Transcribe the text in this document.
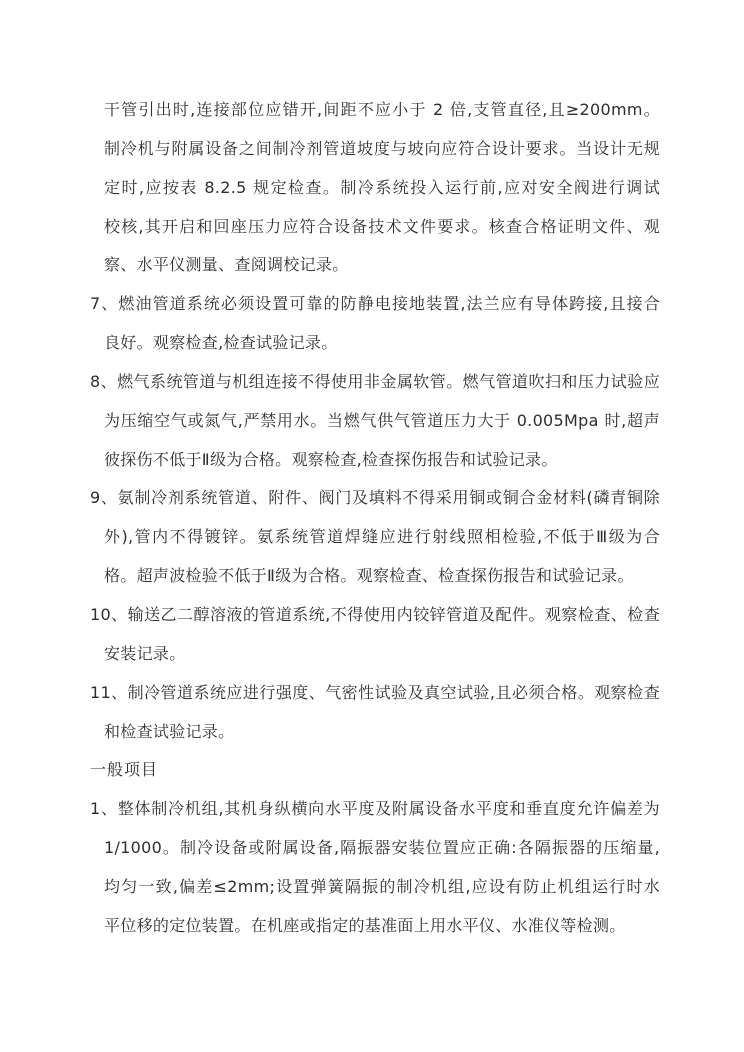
干管引出时,连接部位应错开,间距不应小于 2 倍,支管直径,且≥200mm。
制冷机与附属设备之间制冷剂管道坡度与坡向应符合设计要求。当设计无规
定时,应按表 8.2.5 规定检查。制冷系统投入运行前,应对安全阀进行调试
校核,其开启和回座压力应符合设备技术文件要求。核查合格证明文件、观
察、水平仪测量、查阅调校记录。
7、燃油管道系统必须设置可靠的防静电接地装置,法兰应有导体跨接,且接合
良好。观察检查,检查试验记录。
8、燃气系统管道与机组连接不得使用非金属软管。燃气管道吹扫和压力试验应
为压缩空气或氮气,严禁用水。当燃气供气管道压力大于 0.005Mpa 时,超声
彼探伤不低于Ⅱ级为合格。观察检查,检查探伤报告和试验记录。
9、氨制冷剂系统管道、附件、阀门及填料不得采用铜或铜合金材料(磷青铜除
外),管内不得镀锌。氨系统管道焊缝应进行射线照相检验,不低于Ⅲ级为合
格。超声波检验不低于Ⅱ级为合格。观察检查、检查探伤报告和试验记录。
10、输送乙二醇溶液的管道系统,不得使用内铰锌管道及配件。观察检查、检查
安装记录。
11、制冷管道系统应进行强度、气密性试验及真空试验,且必须合格。观察检查
和检查试验记录。
一般项目
1、整体制冷机组,其机身纵横向水平度及附属设备水平度和垂直度允许偏差为
1/1000。制冷设备或附属设备,隔振器安装位置应正确:各隔振器的压缩量,
均匀一致,偏差≤2mm;设置弹簧隔振的制冷机组,应设有防止机组运行时水
平位移的定位装置。在机座或指定的基准面上用水平仪、水准仪等检测。
